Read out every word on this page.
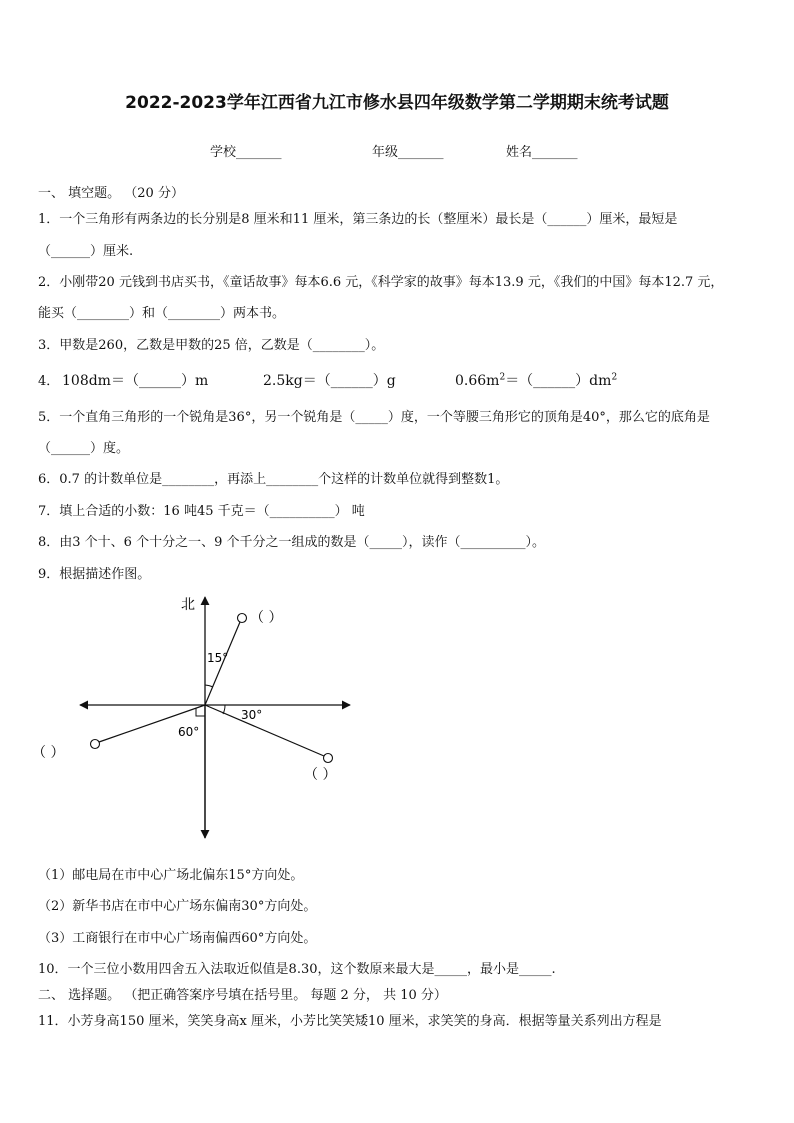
2022-2023学年江西省九江市修水县四年级数学第二学期期末统考试题
学校_______	年级_______	姓名_______
一、 填空题。 （20 分）
1．一个三角形有两条边的长分别是8 厘米和11 厘米，第三条边的长（整厘米）最长是（______）厘米，最短是
（______）厘米.
2．小刚带20 元钱到书店买书，《童话故事》每本6.6 元，《科学家的故事》每本13.9 元，《我们的中国》每本12.7 元，
能买（________）和（________）两本书。
3．甲数是260，乙数是甲数的25 倍，乙数是（________）。
4． 108dm＝（______）m	2.5kg＝（______）g	$0.66m^2=(\_\_\_\_\_\_)dm^2$
5．一个直角三角形的一个锐角是36°，另一个锐角是（_____）度，一个等腰三角形它的顶角是40°，那么它的底角是
（______）度。
6．0.7 的计数单位是________，再添上________个这样的计数单位就得到整数1。
7．填上合适的小数：16 吨45 千克＝（__________） 吨
8．由3 个十、6 个十分之一、9 个千分之一组成的数是（_____），读作（__________）。
9．根据描述作图。
北
15°
30°
60°
（ ）
（ ）
（ ）
（1）邮电局在市中心广场北偏东15°方向处。
（2）新华书店在市中心广场东偏南30°方向处。
（3）工商银行在市中心广场南偏西60°方向处。
10．一个三位小数用四舍五入法取近似值是8.30，这个数原来最大是_____，最小是_____.
二、 选择题。 （把正确答案序号填在括号里。 每题 2 分， 共 10 分）
11．小芳身高150 厘米，笑笑身高x 厘米，小芳比笑笑矮10 厘米，求笑笑的身高．根据等量关系列出方程是
